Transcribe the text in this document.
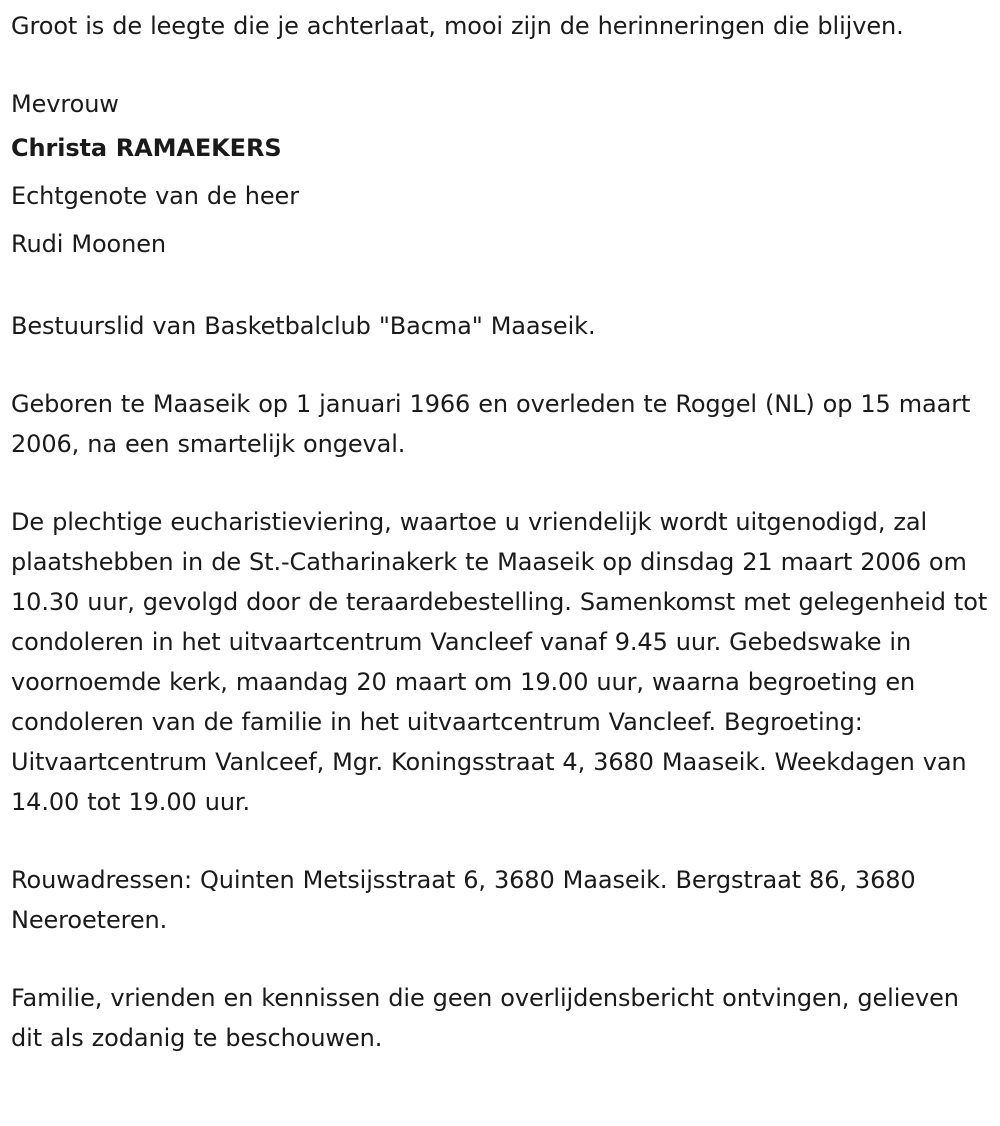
Groot is de leegte die je achterlaat, mooi zijn de herinneringen die blijven.

Mevrouw

Christa RAMAEKERS

Echtgenote van de heer

Rudi Moonen

Bestuurslid van Basketbalclub "Bacma" Maaseik.

Geboren te Maaseik op 1 januari 1966 en overleden te Roggel (NL) op 15 maart 2006, na een smartelijk ongeval.

De plechtige eucharistieviering, waartoe u vriendelijk wordt uitgenodigd, zal plaatshebben in de St.-Catharinakerk te Maaseik op dinsdag 21 maart 2006 om 10.30 uur, gevolgd door de teraardebestelling. Samenkomst met gelegenheid tot condoleren in het uitvaartcentrum Vancleef vanaf 9.45 uur. Gebedswake in voornoemde kerk, maandag 20 maart om 19.00 uur, waarna begroeting en condoleren van de familie in het uitvaartcentrum Vancleef. Begroeting: Uitvaartcentrum Vanlceef, Mgr. Koningsstraat 4, 3680 Maaseik. Weekdagen van 14.00 tot 19.00 uur.

Rouwadressen: Quinten Metsijsstraat 6, 3680 Maaseik. Bergstraat 86, 3680 Neeroeteren.

Familie, vrienden en kennissen die geen overlijdensbericht ontvingen, gelieven dit als zodanig te beschouwen.
